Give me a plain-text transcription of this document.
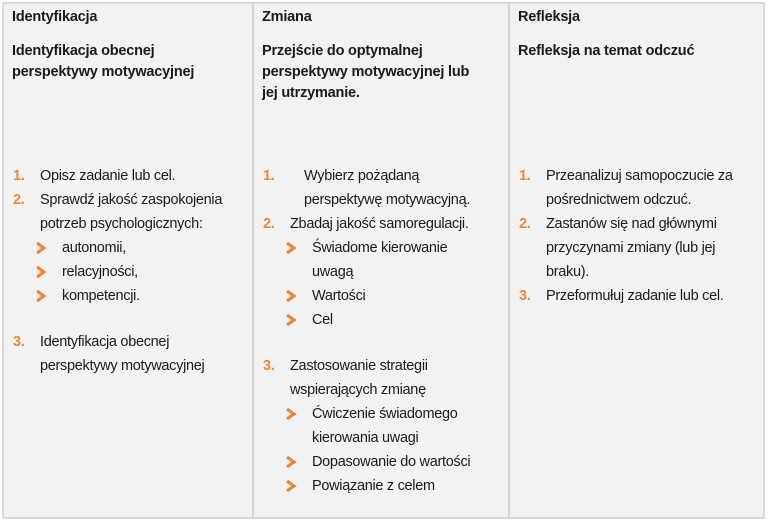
Identyfikacja
Identyfikacja obecnej
perspektywy motywacyjnej
1. Opisz zadanie lub cel.
2. Sprawdź jakość zaspokojenia
potrzeb psychologicznych:
autonomii,
relacyjności,
kompetencji.
3. Identyfikacja obecnej
perspektywy motywacyjnej
Zmiana
Przejście do optymalnej
perspektywy motywacyjnej lub
jej utrzymanie.
1. Wybierz pożądaną
perspektywę motywacyjną.
2. Zbadaj jakość samoregulacji.
Świadome kierowanie
uwagą
Wartości
Cel
3. Zastosowanie strategii
wspierających zmianę
Ćwiczenie świadomego
kierowania uwagi
Dopasowanie do wartości
Powiązanie z celem
Refleksja
Refleksja na temat odczuć
1. Przeanalizuj samopoczucie za
pośrednictwem odczuć.
2. Zastanów się nad głównymi
przyczynami zmiany (lub jej
braku).
3. Przeformułuj zadanie lub cel.
